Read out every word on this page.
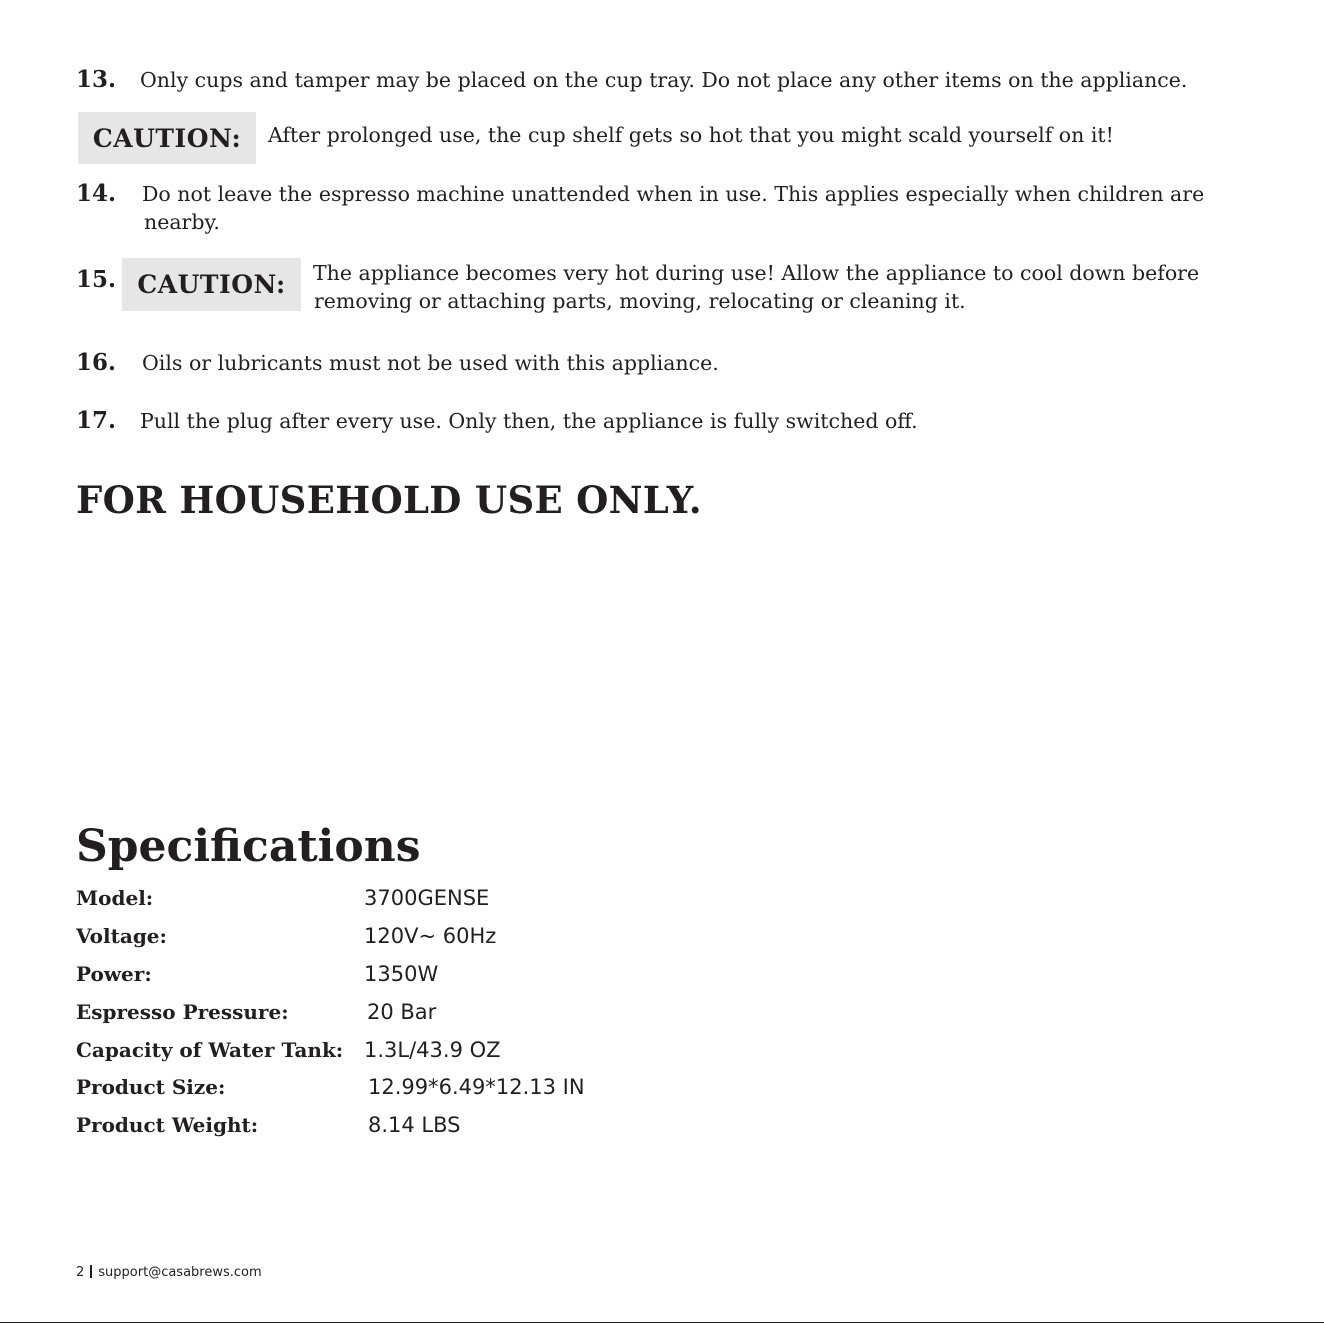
13. Only cups and tamper may be placed on the cup tray. Do not place any other items on the appliance.
CAUTION:	After prolonged use, the cup shelf gets so hot that you might scald yourself on it!
14. Do not leave the espresso machine unattended when in use. This applies especially when children are
nearby.
15. CAUTION:	The appliance becomes very hot during use! Allow the appliance to cool down before
removing or attaching parts, moving, relocating or cleaning it.
16. Oils or lubricants must not be used with this appliance.
17. Pull the plug after every use. Only then, the appliance is fully switched off.
FOR HOUSEHOLD USE ONLY.
Specifications
Model:	3700GENSE
Voltage:	120V~ 60Hz
Power:	1350W
Espresso Pressure:	20 Bar
Capacity of Water Tank: 1.3L/43.9 OZ
Product Size:	12.99*6.49*12.13 IN
Product Weight:	8.14 LBS
2 support@casabrews.com
